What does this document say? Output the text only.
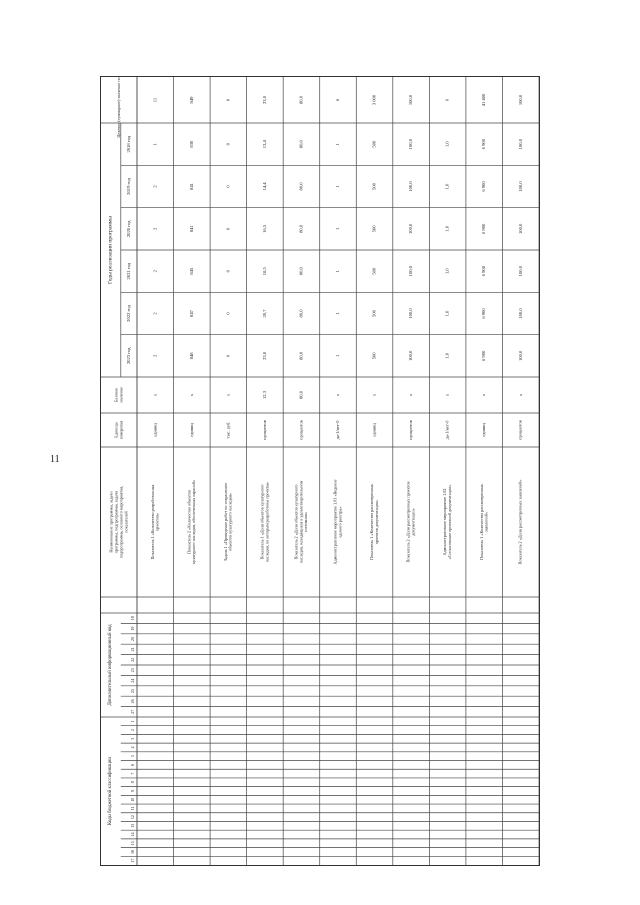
11
Целевое (суммарное) значение показателя
Годы реализации программы
2018 год
2019 год
2020 год
2021 год
2022 год
2023 год
Базовое значение
Единица измерения
Наименование программы, задачи программы, подпрограммы, задачи подпрограммы, основного мероприятия, показателей
Дополнительный информационный код
Коды бюджетной классификации
1
2
3
4
5
6
7
8
9
10
11
12
13
14
15
16
17
18
19
20
21
22
23
24
25
26
27
Показатель 1 «Количество разработанных проектов»
единиц
х
1
2
2
2
2
2
11
Показатель 2 «Количество объектов культурного наследия, обеспеченных охраной»
единиц
х
830
841
841
845
847
848
849
Задача 1 «Проведение работ по сохранению объектов культурного наследия»
тыс. руб.
х
0
0
0
0
0
0
0
Показатель 1 «Доля объектов культурного наследия, по которым разработаны проекты»
процентов
12,3
13,4
14,4
16,5
18,5
20,7
23,0
23,0
Показатель 2 «Доля объектов культурного наследия, находящихся в удовлетворительном состоянии»
процентов
80,0
80,0
80,0
80,0
80,0
80,0
80,0
80,0
Административное мероприятие 1.01 «Ведение единого реестра»
да-1/нет-0
х
1
1
1
1
1
1
6
Показатель 1 «Количество рассмотренных проектов документации»
единиц
х
500
500
500
500
500
500
3 000
Показатель 2 «Доля рассмотренных проектов документации»
процентов
х
100,0
100,0
100,0
100,0
100,0
100,0
100,0
Административное мероприятие 1.02 «Согласование проектной документации»
да-1/нет-0
х
1,0
1,0
1,0
1,0
1,0
1,0
6
Показатель 1 «Количество рассмотренных заявлений»
единиц
х
6 900
6 900
6 900
6 900
6 900
6 900
41 400
Показатель 2 «Доля рассмотренных заявлений»
процентов
х
100,0
100,0
100,0
100,0
100,0
100,0
100,0
